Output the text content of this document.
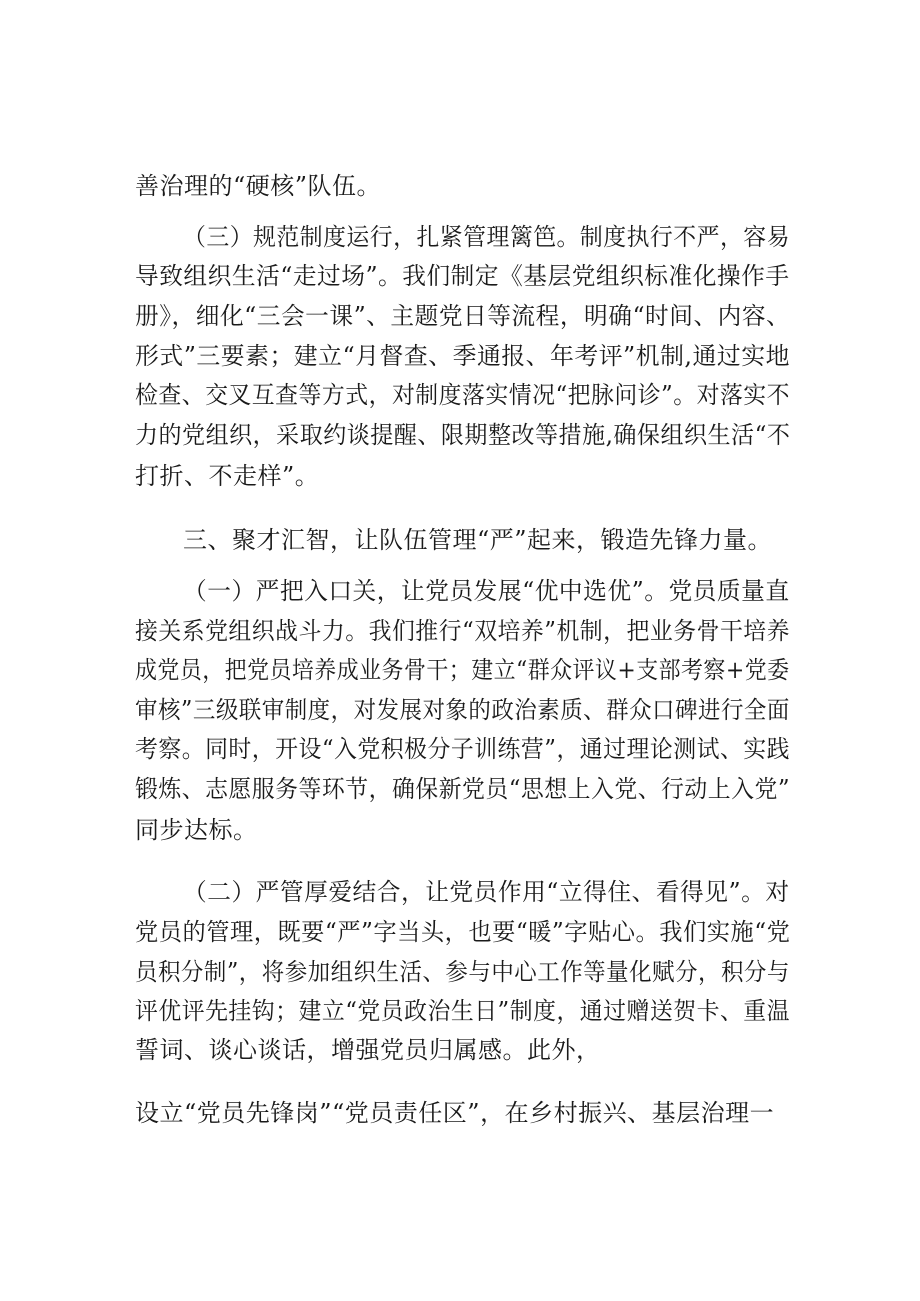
善治理的“硬核”队伍。
（三）规范制度运行，扎紧管理篱笆。制度执行不严，容易
导致组织生活“走过场”。我们制定《基层党组织标准化操作手
册》，细化“三会一课”、主题党日等流程，明确“时间、内容、
形式”三要素；建立“月督查、季通报、年考评”机制,通过实地
检查、交叉互查等方式，对制度落实情况“把脉问诊”。对落实不
力的党组织，采取约谈提醒、限期整改等措施,确保组织生活“不
打折、不走样”。
三、聚才汇智，让队伍管理“严”起来，锻造先锋力量。
（一）严把入口关，让党员发展“优中选优”。党员质量直
接关系党组织战斗力。我们推行“双培养”机制，把业务骨干培养
成党员，把党员培养成业务骨干；建立“群众评议+支部考察+党委
审核”三级联审制度，对发展对象的政治素质、群众口碑进行全面
考察。同时，开设“入党积极分子训练营”，通过理论测试、实践
锻炼、志愿服务等环节，确保新党员“思想上入党、行动上入党”
同步达标。
（二）严管厚爱结合，让党员作用“立得住、看得见”。对
党员的管理，既要“严”字当头，也要“暖”字贴心。我们实施“党
员积分制”，将参加组织生活、参与中心工作等量化赋分，积分与
评优评先挂钩；建立“党员政治生日”制度，通过赠送贺卡、重温
誓词、谈心谈话，增强党员归属感。此外，
设立“党员先锋岗”“党员责任区”，在乡村振兴、基层治理一
